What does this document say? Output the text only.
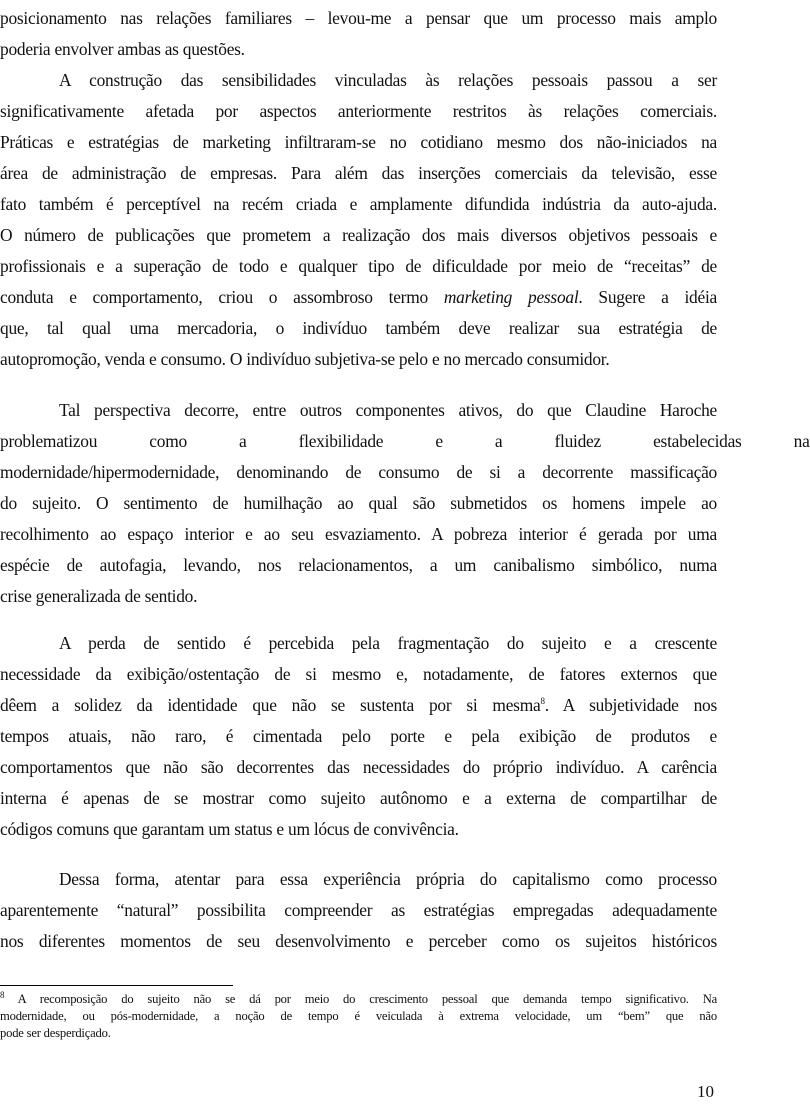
posicionamento nas relações familiares – levou-me a pensar que um processo mais amplo
poderia envolver ambas as questões.
A construção das sensibilidades vinculadas às relações pessoais passou a ser
significativamente afetada por aspectos anteriormente restritos às relações comerciais.
Práticas e estratégias de marketing infiltraram-se no cotidiano mesmo dos não-iniciados na
área de administração de empresas. Para além das inserções comerciais da televisão, esse
fato também é perceptível na recém criada e amplamente difundida indústria da auto-ajuda.
O número de publicações que prometem a realização dos mais diversos objetivos pessoais e
profissionais e a superação de todo e qualquer tipo de dificuldade por meio de “receitas” de
conduta e comportamento, criou o assombroso termo marketing pessoal. Sugere a idéia
que, tal qual uma mercadoria, o indivíduo também deve realizar sua estratégia de
autopromoção, venda e consumo. O indivíduo subjetiva-se pelo e no mercado consumidor.
Tal perspectiva decorre, entre outros componentes ativos, do que Claudine Haroche
problematizou como a flexibilidade e a fluidez estabelecidas na
modernidade/hipermodernidade, denominando de consumo de si a decorrente massificação
do sujeito. O sentimento de humilhação ao qual são submetidos os homens impele ao
recolhimento ao espaço interior e ao seu esvaziamento. A pobreza interior é gerada por uma
espécie de autofagia, levando, nos relacionamentos, a um canibalismo simbólico, numa
crise generalizada de sentido.
A perda de sentido é percebida pela fragmentação do sujeito e a crescente
necessidade da exibição/ostentação de si mesmo e, notadamente, de fatores externos que
dêem a solidez da identidade que não se sustenta por si mesma$^8$. A subjetividade nos
tempos atuais, não raro, é cimentada pelo porte e pela exibição de produtos e
comportamentos que não são decorrentes das necessidades do próprio indivíduo. A carência
interna é apenas de se mostrar como sujeito autônomo e a externa de compartilhar de
códigos comuns que garantam um status e um lócus de convivência.
Dessa forma, atentar para essa experiência própria do capitalismo como processo
aparentemente “natural” possibilita compreender as estratégias empregadas adequadamente
nos diferentes momentos de seu desenvolvimento e perceber como os sujeitos históricos
$^8$ A recomposição do sujeito não se dá por meio do crescimento pessoal que demanda tempo significativo. Na
modernidade, ou pós-modernidade, a noção de tempo é veiculada à extrema velocidade, um “bem” que não
pode ser desperdiçado.
10
